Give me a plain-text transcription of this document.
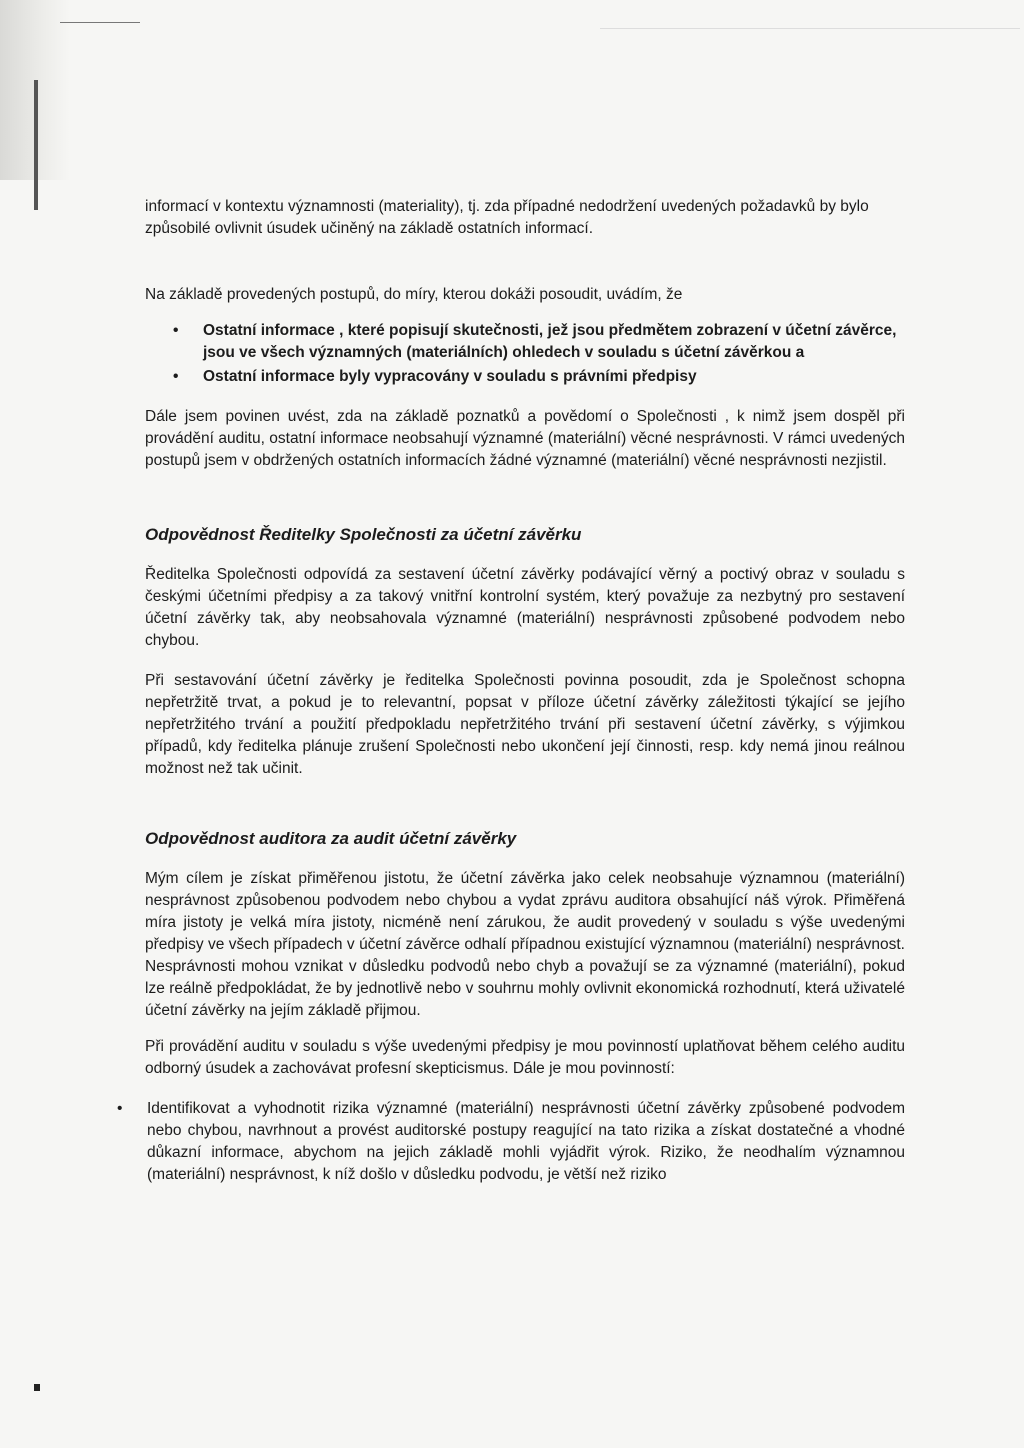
informací v kontextu významnosti (materiality), tj. zda případné nedodržení uvedených požadavků by bylo způsobilé ovlivnit úsudek učiněný na základě ostatních informací.

Na základě provedených postupů, do míry, kterou dokáži posoudit, uvádím, že

• Ostatní informace , které popisují skutečnosti, jež jsou předmětem zobrazení v účetní závěrce, jsou ve všech významných (materiálních) ohledech v souladu s účetní závěrkou a
• Ostatní informace byly vypracovány v souladu s právními předpisy

Dále jsem povinen uvést, zda na základě poznatků a povědomí o Společnosti , k nimž jsem dospěl při provádění auditu, ostatní informace neobsahují významné (materiální) věcné nesprávnosti. V rámci uvedených postupů jsem v obdržených ostatních informacích žádné významné (materiální) věcné nesprávnosti nezjistil.

Odpovědnost Ředitelky Společnosti za účetní závěrku

Ředitelka Společnosti odpovídá za sestavení účetní závěrky podávající věrný a poctivý obraz v souladu s českými účetními předpisy a za takový vnitřní kontrolní systém, který považuje za nezbytný pro sestavení účetní závěrky tak, aby neobsahovala významné (materiální) nesprávnosti způsobené podvodem nebo chybou.

Při sestavování účetní závěrky je ředitelka Společnosti povinna posoudit, zda je Společnost schopna nepřetržitě trvat, a pokud je to relevantní, popsat v příloze účetní závěrky záležitosti týkající se jejího nepřetržitého trvání a použití předpokladu nepřetržitého trvání při sestavení účetní závěrky, s výjimkou případů, kdy ředitelka plánuje zrušení Společnosti nebo ukončení její činnosti, resp. kdy nemá jinou reálnou možnost než tak učinit.

Odpovědnost auditora za audit účetní závěrky

Mým cílem je získat přiměřenou jistotu, že účetní závěrka jako celek neobsahuje významnou (materiální) nesprávnost způsobenou podvodem nebo chybou a vydat zprávu auditora obsahující náš výrok. Přiměřená míra jistoty je velká míra jistoty, nicméně není zárukou, že audit provedený v souladu s výše uvedenými předpisy ve všech případech v účetní závěrce odhalí případnou existující významnou (materiální) nesprávnost. Nesprávnosti mohou vznikat v důsledku podvodů nebo chyb a považují se za významné (materiální), pokud lze reálně předpokládat, že by jednotlivě nebo v souhrnu mohly ovlivnit ekonomická rozhodnutí, která uživatelé účetní závěrky na jejím základě přijmou.

Při provádění auditu v souladu s výše uvedenými předpisy je mou povinností uplatňovat během celého auditu odborný úsudek a zachovávat profesní skepticismus. Dále je mou povinností:

• Identifikovat a vyhodnotit rizika významné (materiální) nesprávnosti účetní závěrky způsobené podvodem nebo chybou, navrhnout a provést auditorské postupy reagující na tato rizika a získat dostatečné a vhodné důkazní informace, abychom na jejich základě mohli vyjádřit výrok. Riziko, že neodhalím významnou (materiální) nesprávnost, k níž došlo v důsledku podvodu, je větší než riziko
